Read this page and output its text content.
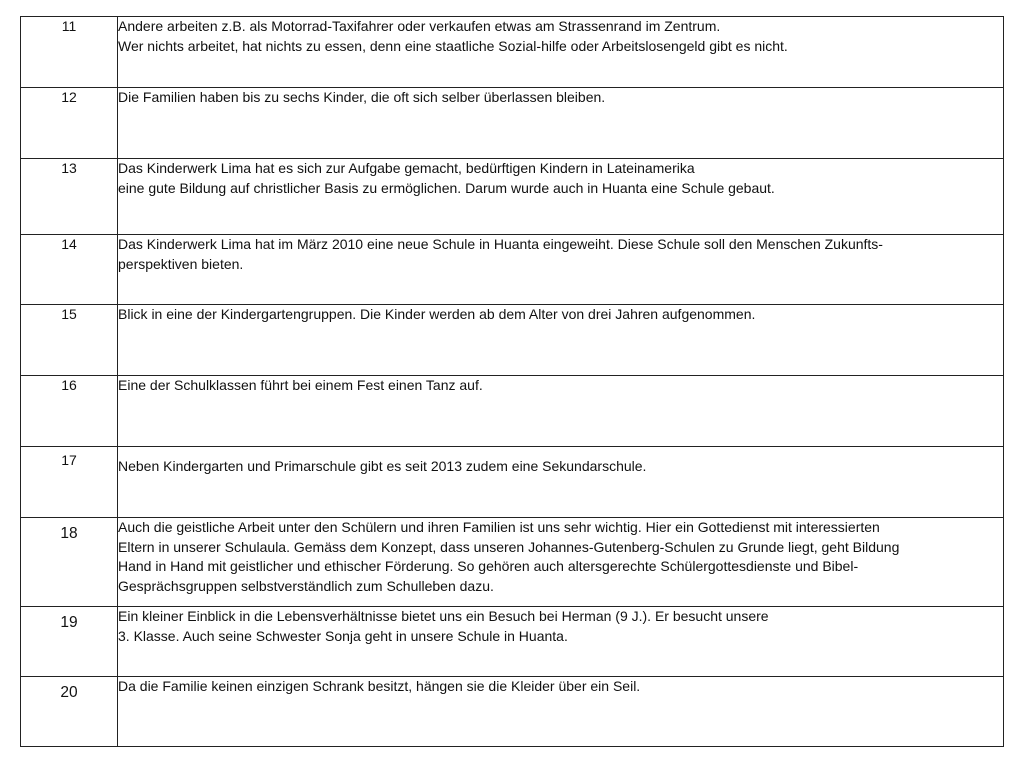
11	Andere arbeiten z.B. als Motorrad-Taxifahrer oder verkaufen etwas am Strassenrand im Zentrum.
Wer nichts arbeitet, hat nichts zu essen, denn eine staatliche Sozial-hilfe oder Arbeitslosengeld gibt es nicht.

12	Die Familien haben bis zu sechs Kinder, die oft sich selber überlassen bleiben.

13	Das Kinderwerk Lima hat es sich zur Aufgabe gemacht, bedürftigen Kindern in Lateinamerika
eine gute Bildung auf christlicher Basis zu ermöglichen. Darum wurde auch in Huanta eine Schule gebaut.

14	Das Kinderwerk Lima hat im März 2010 eine neue Schule in Huanta eingeweiht. Diese Schule soll den Menschen Zukunfts-
perspektiven bieten.

15	Blick in eine der Kindergartengruppen. Die Kinder werden ab dem Alter von drei Jahren aufgenommen.

16	Eine der Schulklassen führt bei einem Fest einen Tanz auf.

17	Neben Kindergarten und Primarschule gibt es seit 2013 zudem eine Sekundarschule.

18	Auch die geistliche Arbeit unter den Schülern und ihren Familien ist uns sehr wichtig. Hier ein Gottedienst mit interessierten
Eltern in unserer Schulaula. Gemäss dem Konzept, dass unseren Johannes-Gutenberg-Schulen zu Grunde liegt, geht Bildung
Hand in Hand mit geistlicher und ethischer Förderung. So gehören auch altersgerechte Schülergottesdienste und Bibel-
Gesprächsgruppen selbstverständlich zum Schulleben dazu.

19	Ein kleiner Einblick in die Lebensverhältnisse bietet uns ein Besuch bei Herman (9 J.). Er besucht unsere
3. Klasse. Auch seine Schwester Sonja geht in unsere Schule in Huanta.

20	Da die Familie keinen einzigen Schrank besitzt, hängen sie die Kleider über ein Seil.
